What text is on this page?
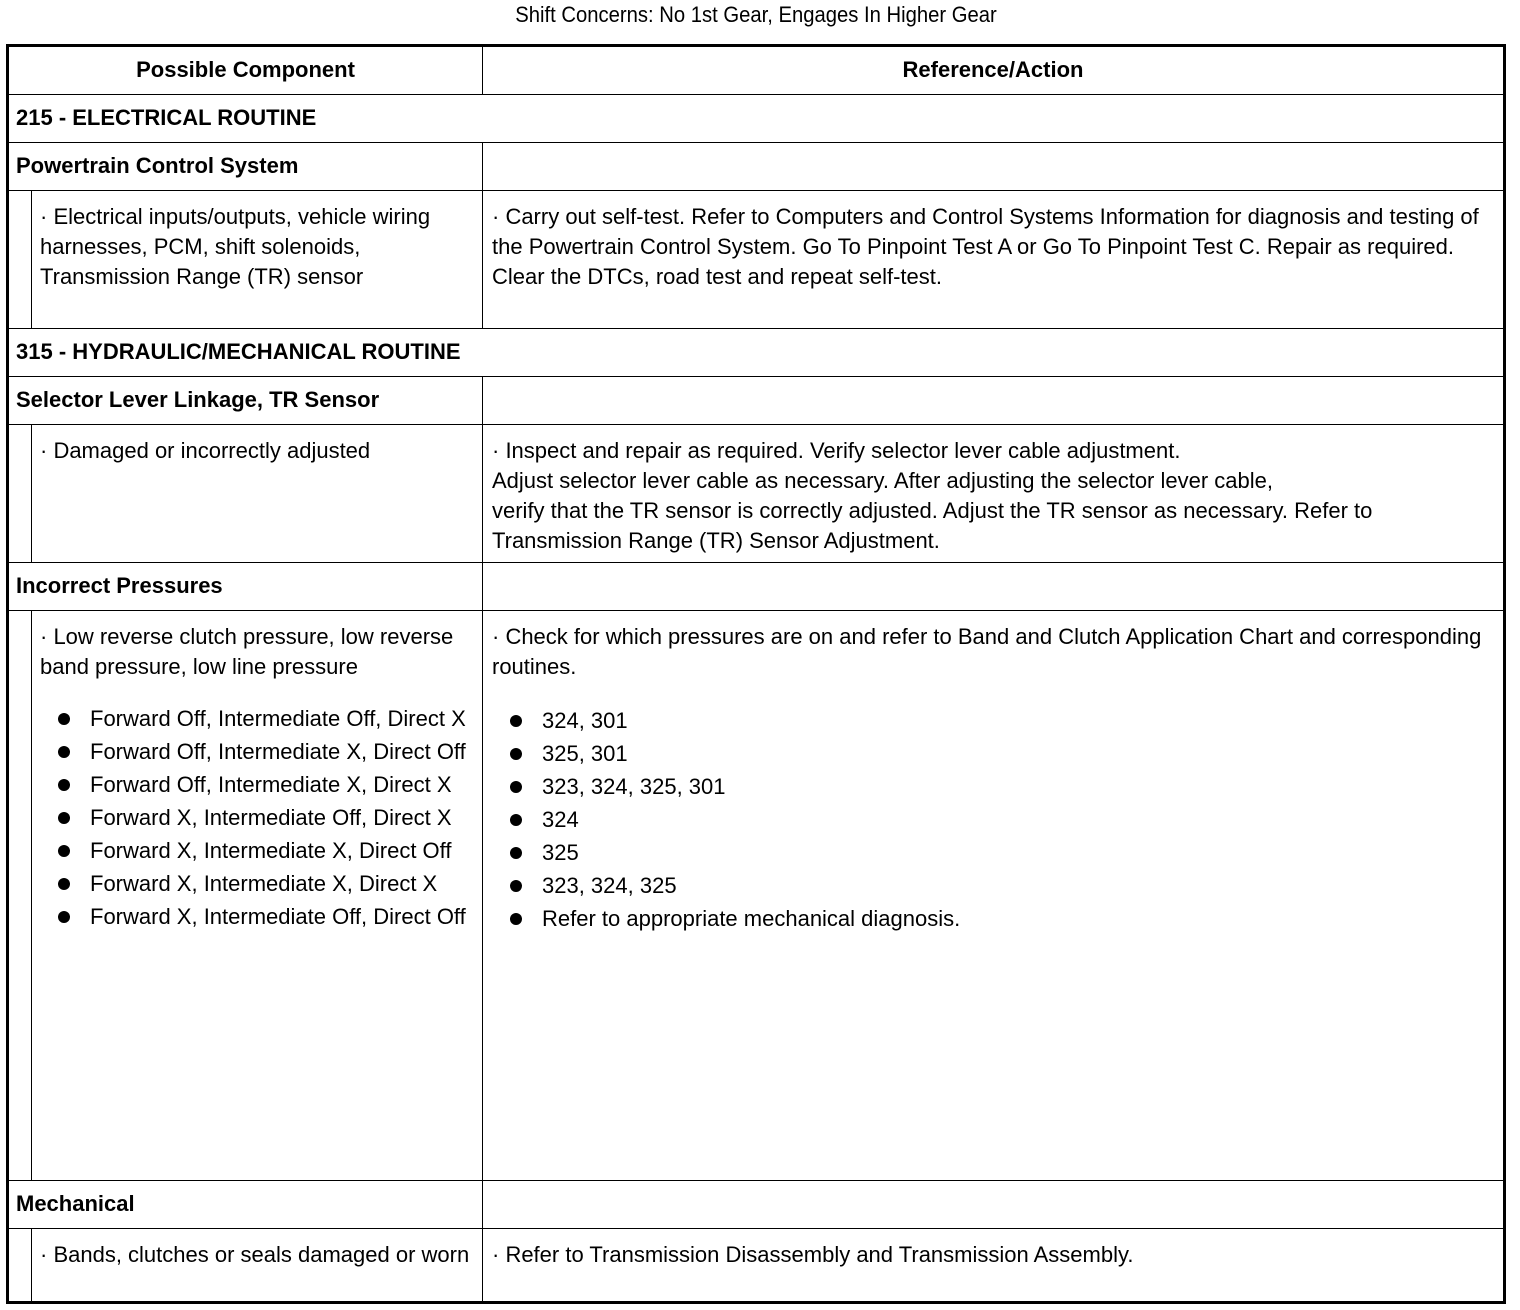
Shift Concerns: No 1st Gear, Engages In Higher Gear
Possible Component	Reference/Action
215 - ELECTRICAL ROUTINE
Powertrain Control System
· Electrical inputs/outputs, vehicle wiring harnesses, PCM, shift solenoids, Transmission Range (TR) sensor
· Carry out self-test. Refer to Computers and Control Systems Information for diagnosis and testing of the Powertrain Control System. Go To Pinpoint Test A or Go To Pinpoint Test C. Repair as required. Clear the DTCs, road test and repeat self-test.
315 - HYDRAULIC/MECHANICAL ROUTINE
Selector Lever Linkage, TR Sensor
· Damaged or incorrectly adjusted	· Inspect and repair as required. Verify selector lever cable adjustment.
Adjust selector lever cable as necessary. After adjusting the selector lever cable,
verify that the TR sensor is correctly adjusted. Adjust the TR sensor as necessary. Refer to
Transmission Range (TR) Sensor Adjustment.
Incorrect Pressures
· Low reverse clutch pressure, low reverse band pressure, low line pressure
Forward Off, Intermediate Off, Direct X
Forward Off, Intermediate X, Direct Off
Forward Off, Intermediate X, Direct X
Forward X, Intermediate Off, Direct X
Forward X, Intermediate X, Direct Off
Forward X, Intermediate X, Direct X
Forward X, Intermediate Off, Direct Off
· Check for which pressures are on and refer to Band and Clutch Application Chart and corresponding routines.
324, 301
325, 301
323, 324, 325, 301
324
325
323, 324, 325
Refer to appropriate mechanical diagnosis.
Mechanical
· Bands, clutches or seals damaged or worn · Refer to Transmission Disassembly and Transmission Assembly.
